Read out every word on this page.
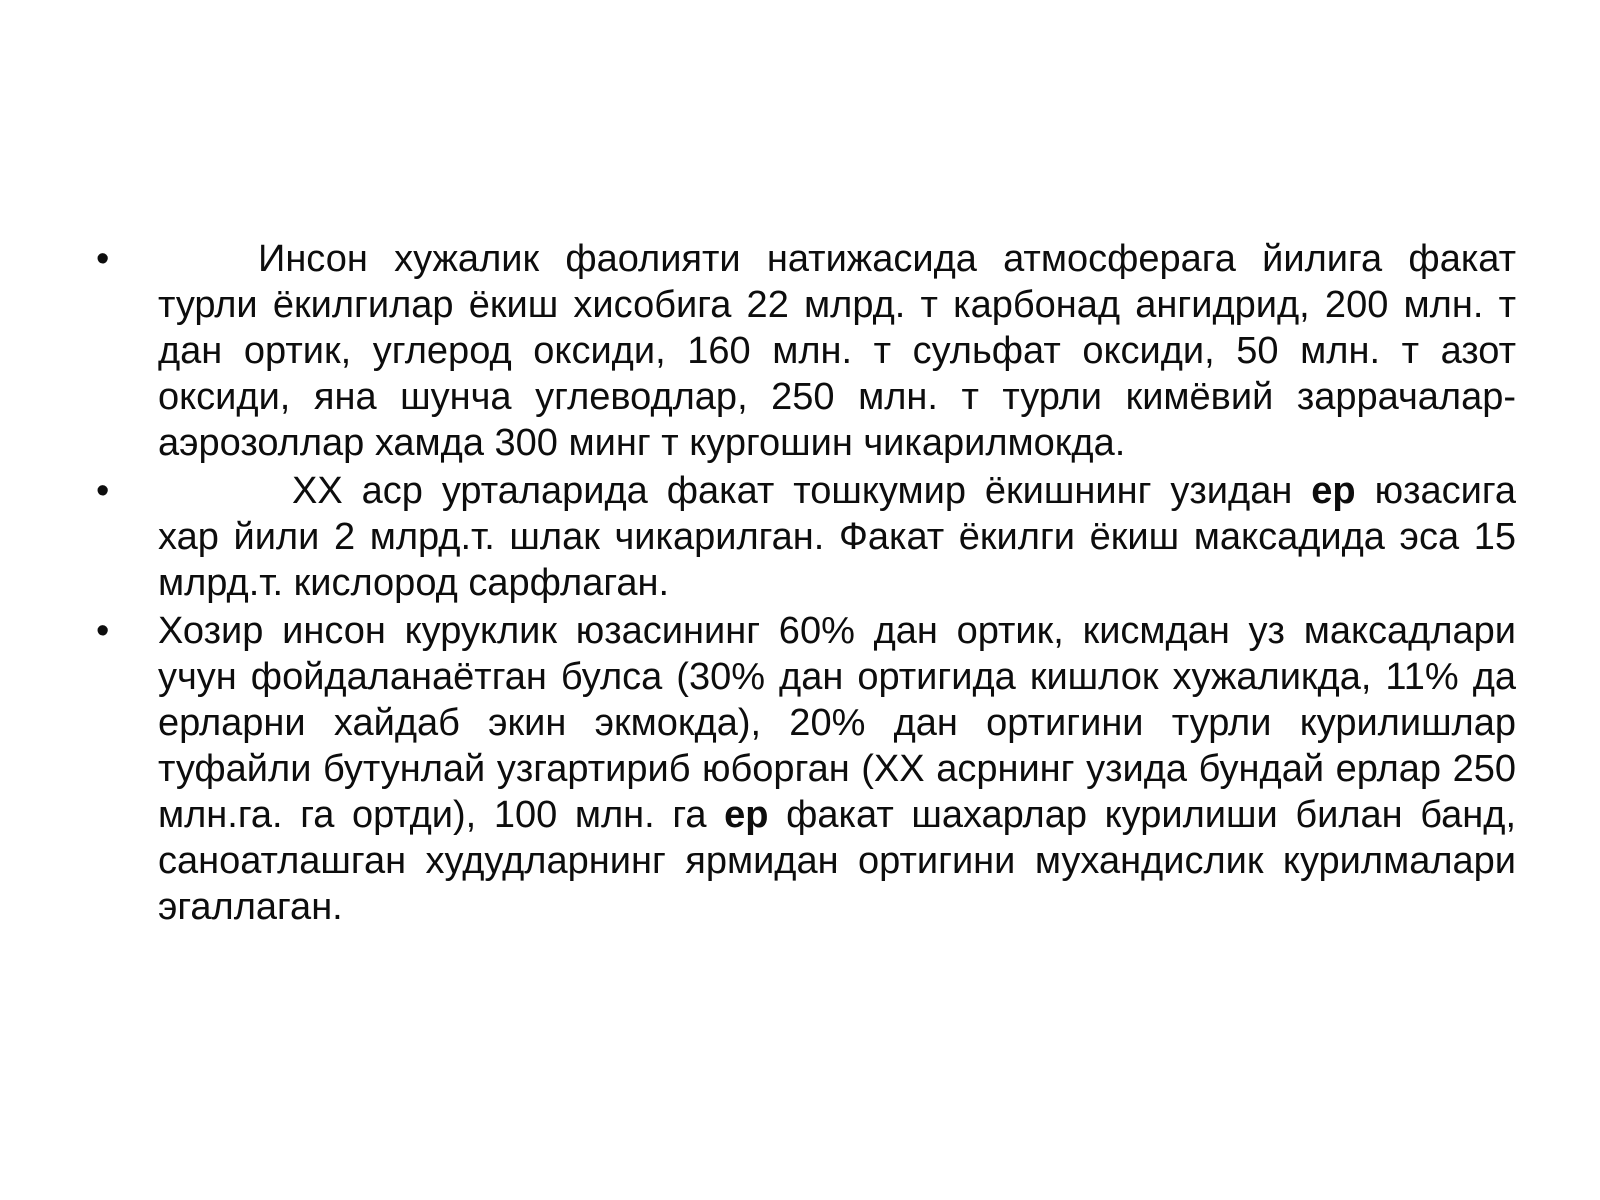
•	Инсон хужалик фаолияти натижасида атмосферага йилига факат турли ёкилгилар ёкиш хисобига 22 млрд. т карбонад ангидрид, 200 млн. т дан ортик, углерод оксиди, 160 млн. т сульфат оксиди, 50 млн. т азот оксиди, яна шунча углеводлар, 250 млн. т турли кимёвий заррачалар-аэрозоллар хамда 300 минг т кургошин чикарилмокда.
•	XX аср урталарида факат тошкумир ёкишнинг узидан ер юзасига хар йили 2 млрд.т. шлак чикарилган. Факат ёкилги ёкиш максадида эса 15 млрд.т. кислород сарфлаган.
•	Хозир инсон куруклик юзасининг 60% дан ортик, кисмдан уз максадлари учун фойдаланаётган булса (30% дан ортигида кишлок хужаликда, 11% да ерларни хайдаб экин экмокда), 20% дан ортигини турли курилишлар туфайли бутунлай узгартириб юборган (XX асрнинг узида бундай ерлар 250 млн.га. га ортди), 100 млн. га ер факат шахарлар курилиши билан банд, саноатлашган худудларнинг ярмидан ортигини мухандислик курилмалари эгаллаган.
